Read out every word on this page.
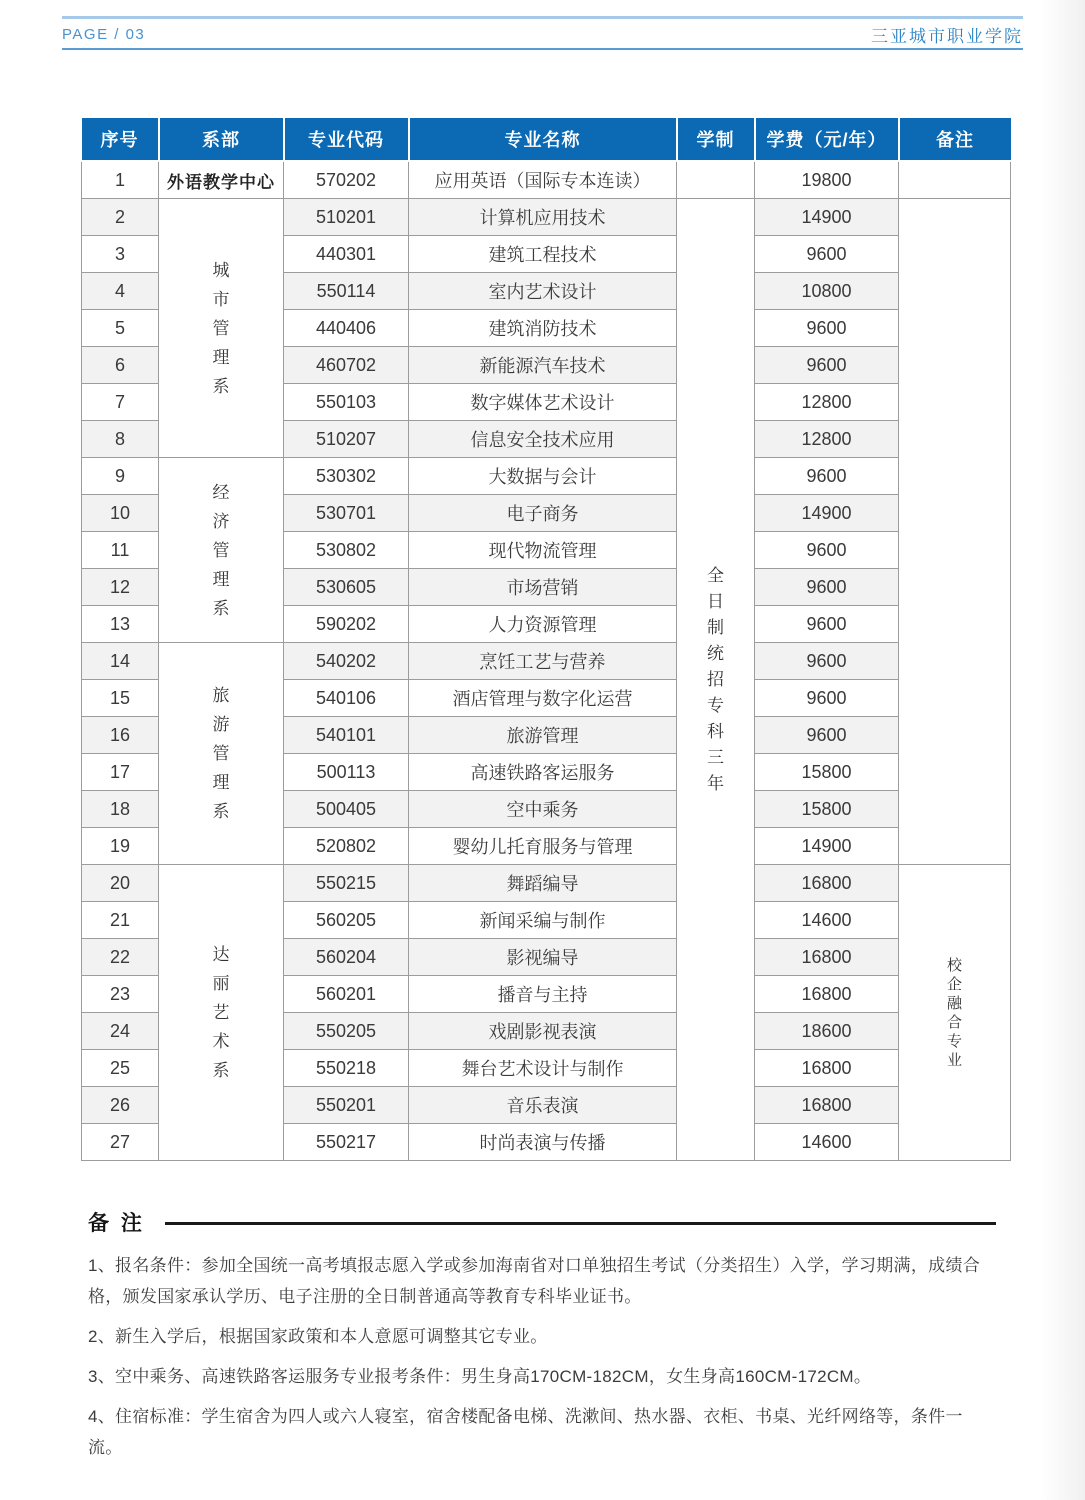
PAGE / 03	三亚城市职业学院
序号	系部	专业代码	专业名称	学制	学费（元/年）	备注
1	外语教学中心	570202	应用英语（国际专本连读）		19800	
2	城市管理系	510201	计算机应用技术	全日制统招专科三年	14900	
3		440301	建筑工程技术		9600	
4		550114	室内艺术设计		10800	
5		440406	建筑消防技术		9600	
6		460702	新能源汽车技术		9600	
7		550103	数字媒体艺术设计		12800	
8		510207	信息安全技术应用		12800	
9	经济管理系	530302	大数据与会计		9600	
10		530701	电子商务		14900	
11		530802	现代物流管理		9600	
12		530605	市场营销		9600	
13		590202	人力资源管理		9600	
14	旅游管理系	540202	烹饪工艺与营养		9600	
15		540106	酒店管理与数字化运营		9600	
16		540101	旅游管理		9600	
17		500113	高速铁路客运服务		15800	
18		500405	空中乘务		15800	
19		520802	婴幼儿托育服务与管理		14900	
20	达丽艺术系	550215	舞蹈编导		16800	校企融合专业

21		560205	新闻采编与制作		14600	
22		560204	影视编导		16800	
23		560201	播音与主持		16800	
24		550205	戏剧影视表演		18600	
25		550218	舞台艺术设计与制作		16800	
26		550201	音乐表演		16800	
27		550217	时尚表演与传播		14600	
备 注

1、报名条件：参加全国统一高考填报志愿入学或参加海南省对口单独招生考试（分类招生）入学，学习期满，成绩合格，颁发国家承认学历、电子注册的全日制普通高等教育专科毕业证书。

2、新生入学后，根据国家政策和本人意愿可调整其它专业。

3、空中乘务、高速铁路客运服务专业报考条件：男生身高170CM-182CM，女生身高160CM-172CM。

4、住宿标准：学生宿舍为四人或六人寝室，宿舍楼配备电梯、洗漱间、热水器、衣柜、书桌、光纤网络等，条件一流。
